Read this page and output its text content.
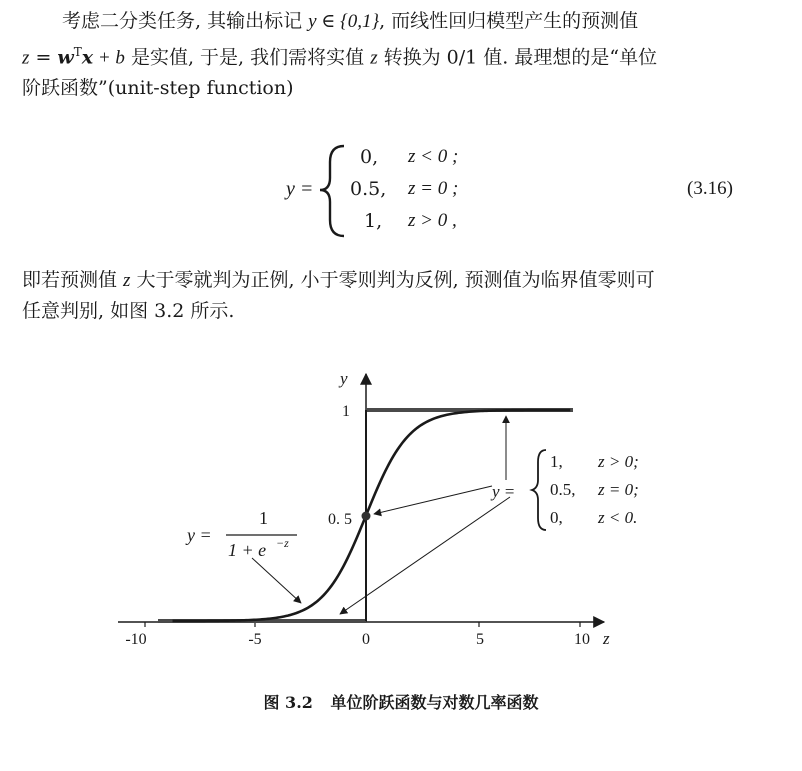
考虑二分类任务, 其输出标记 y ∈ {0,1}, 而线性回归模型产生的预测值
$z = w^Tx + b$ 是实值, 于是, 我们需将实值 z 转换为 0/1 值. 最理想的是“单位
阶跃函数”(unit-step function)
y =
0, z < 0 ;
0.5, z = 0 ;
1, z > 0 ,
(3.16)
即若预测值 z 大于零就判为正例, 小于零则判为反例, 预测值为临界值零则可
任意判别, 如图 3.2 所示.
y
z
-10	-5	0	5	10
1
0. 5
y =
1
1 + e −z
y =
1, z > 0;
0.5, z = 0;
0, z < 0.
图 3.2 单位阶跃函数与对数几率函数
